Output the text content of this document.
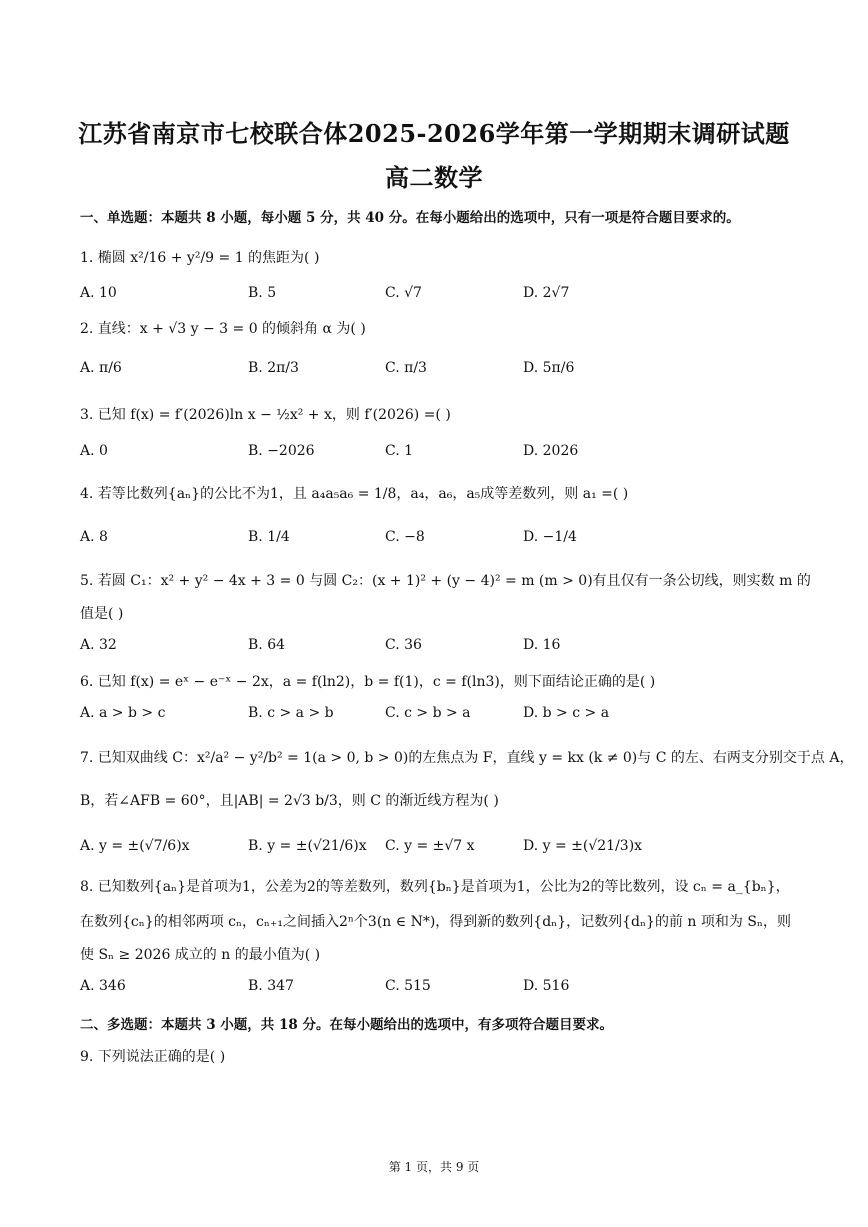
江苏省南京市七校联合体2025-2026学年第一学期期末调研试题
高二数学
一、单选题：本题共 8 小题，每小题 5 分，共 40 分。在每小题给出的选项中，只有一项是符合题目要求的。
1. 椭圆 x²/16 + y²/9 = 1 的焦距为( )
A. 10	B. 5	C. √7	D. 2√7
2. 直线：x + √3 y − 3 = 0 的倾斜角 α 为( )
A. π/6	B. 2π/3	C. π/3	D. 5π/6
3. 已知 f(x) = f′(2026)ln x − ½x² + x，则 f′(2026) =( )
A. 0	B. −2026	C. 1	D. 2026
4. 若等比数列{aₙ}的公比不为1，且 a₄a₅a₆ = 1/8，a₄，a₆，a₅成等差数列，则 a₁ =( )
A. 8	B. 1/4	C. −8	D. −1/4
5. 若圆 C₁：x² + y² − 4x + 3 = 0 与圆 C₂：(x + 1)² + (y − 4)² = m (m > 0)有且仅有一条公切线，则实数 m 的
值是( )
A. 32	B. 64	C. 36	D. 16
6. 已知 f(x) = eˣ − e⁻ˣ − 2x，a = f(ln2)，b = f(1)，c = f(ln3)，则下面结论正确的是( )
A. a > b > c	B. c > a > b	C. c > b > a	D. b > c > a
7. 已知双曲线 C：x²/a² − y²/b² = 1(a > 0, b > 0)的左焦点为 F，直线 y = kx (k ≠ 0)与 C 的左、右两支分别交于点 A，
B，若∠AFB = 60°，且|AB| = 2√3 b/3，则 C 的渐近线方程为( )
A. y = ±(√7/6)x	B. y = ±(√21/6)x C. y = ±√7 x	D. y = ±(√21/3)x
8. 已知数列{aₙ}是首项为1，公差为2的等差数列，数列{bₙ}是首项为1，公比为2的等比数列，设 cₙ = a_{bₙ}，
在数列{cₙ}的相邻两项 cₙ，cₙ₊₁之间插入2ⁿ个3(n ∈ N*)，得到新的数列{dₙ}，记数列{dₙ}的前 n 项和为 Sₙ，则
使 Sₙ ≥ 2026 成立的 n 的最小值为( )
A. 346	B. 347	C. 515	D. 516
二、多选题：本题共 3 小题，共 18 分。在每小题给出的选项中，有多项符合题目要求。
9. 下列说法正确的是( )
第 1 页，共 9 页
